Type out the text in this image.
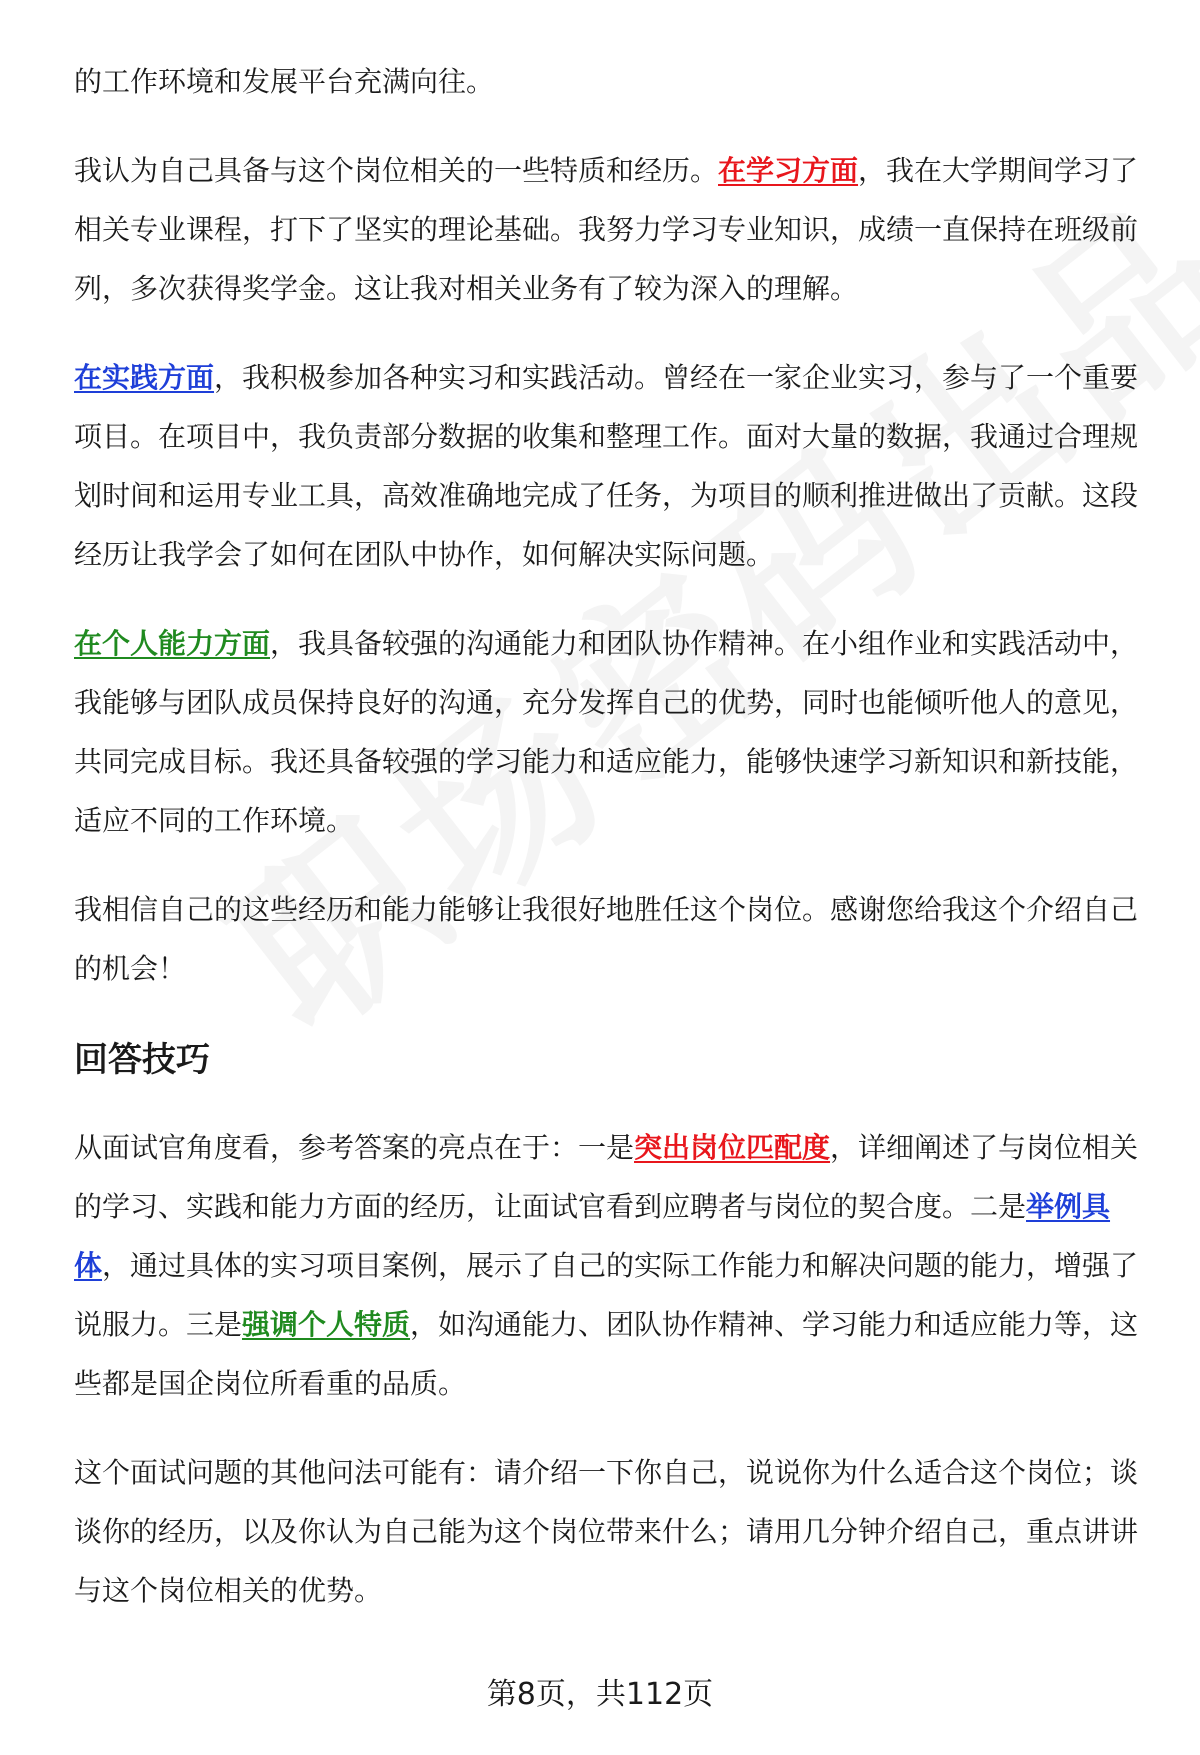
的工作环境和发展平台充满向往。

我认为自己具备与这个岗位相关的一些特质和经历。在学习方面，我在大学期间学习了相关专业课程，打下了坚实的理论基础。我努力学习专业知识，成绩一直保持在班级前列，多次获得奖学金。这让我对相关业务有了较为深入的理解。

在实践方面，我积极参加各种实习和实践活动。曾经在一家企业实习，参与了一个重要项目。在项目中，我负责部分数据的收集和整理工作。面对大量的数据，我通过合理规划时间和运用专业工具，高效准确地完成了任务，为项目的顺利推进做出了贡献。这段经历让我学会了如何在团队中协作，如何解决实际问题。

在个人能力方面，我具备较强的沟通能力和团队协作精神。在小组作业和实践活动中，我能够与团队成员保持良好的沟通，充分发挥自己的优势，同时也能倾听他人的意见，共同完成目标。我还具备较强的学习能力和适应能力，能够快速学习新知识和新技能，适应不同的工作环境。

我相信自己的这些经历和能力能够让我很好地胜任这个岗位。感谢您给我这个介绍自己的机会！

回答技巧

从面试官角度看，参考答案的亮点在于：一是突出岗位匹配度，详细阐述了与岗位相关的学习、实践和能力方面的经历，让面试官看到应聘者与岗位的契合度。二是举例具体，通过具体的实习项目案例，展示了自己的实际工作能力和解决问题的能力，增强了说服力。三是强调个人特质，如沟通能力、团队协作精神、学习能力和适应能力等，这些都是国企岗位所看重的品质。

这个面试问题的其他问法可能有：请介绍一下你自己，说说你为什么适合这个岗位；谈谈你的经历，以及你认为自己能为这个岗位带来什么；请用几分钟介绍自己，重点讲讲与这个岗位相关的优势。

第8页，共112页
